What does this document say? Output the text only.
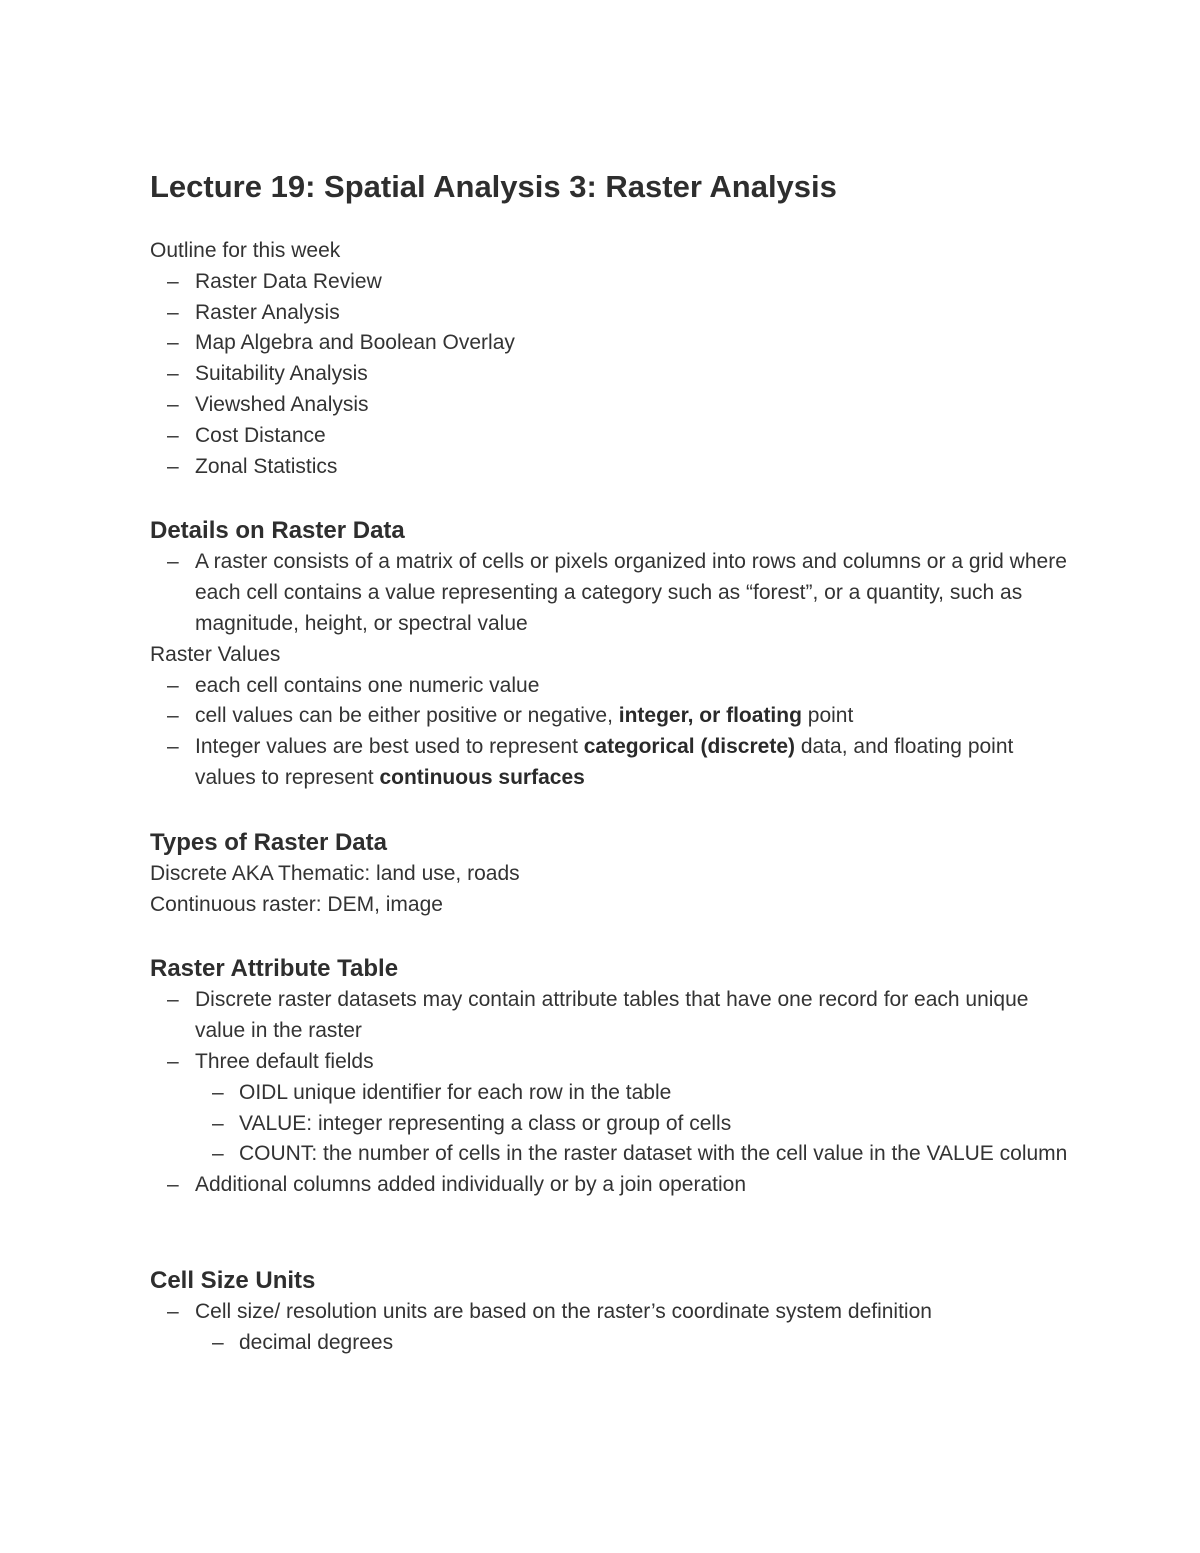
Lecture 19: Spatial Analysis 3: Raster Analysis
Outline for this week
– Raster Data Review
– Raster Analysis
– Map Algebra and Boolean Overlay
– Suitability Analysis
– Viewshed Analysis
– Cost Distance
– Zonal Statistics
Details on Raster Data
– A raster consists of a matrix of cells or pixels organized into rows and columns or a grid where each cell contains a value representing a category such as “forest”, or a quantity, such as magnitude, height, or spectral value
Raster Values
– each cell contains one numeric value
– cell values can be either positive or negative, integer, or floating point
– Integer values are best used to represent categorical (discrete) data, and floating point values to represent continuous surfaces
Types of Raster Data
Discrete AKA Thematic: land use, roads
Continuous raster: DEM, image
Raster Attribute Table
– Discrete raster datasets may contain attribute tables that have one record for each unique value in the raster
– Three default fields
– OIDL unique identifier for each row in the table
– VALUE: integer representing a class or group of cells
– COUNT: the number of cells in the raster dataset with the cell value in the VALUE column
– Additional columns added individually or by a join operation
Cell Size Units
– Cell size/ resolution units are based on the raster’s coordinate system definition
– decimal degrees
